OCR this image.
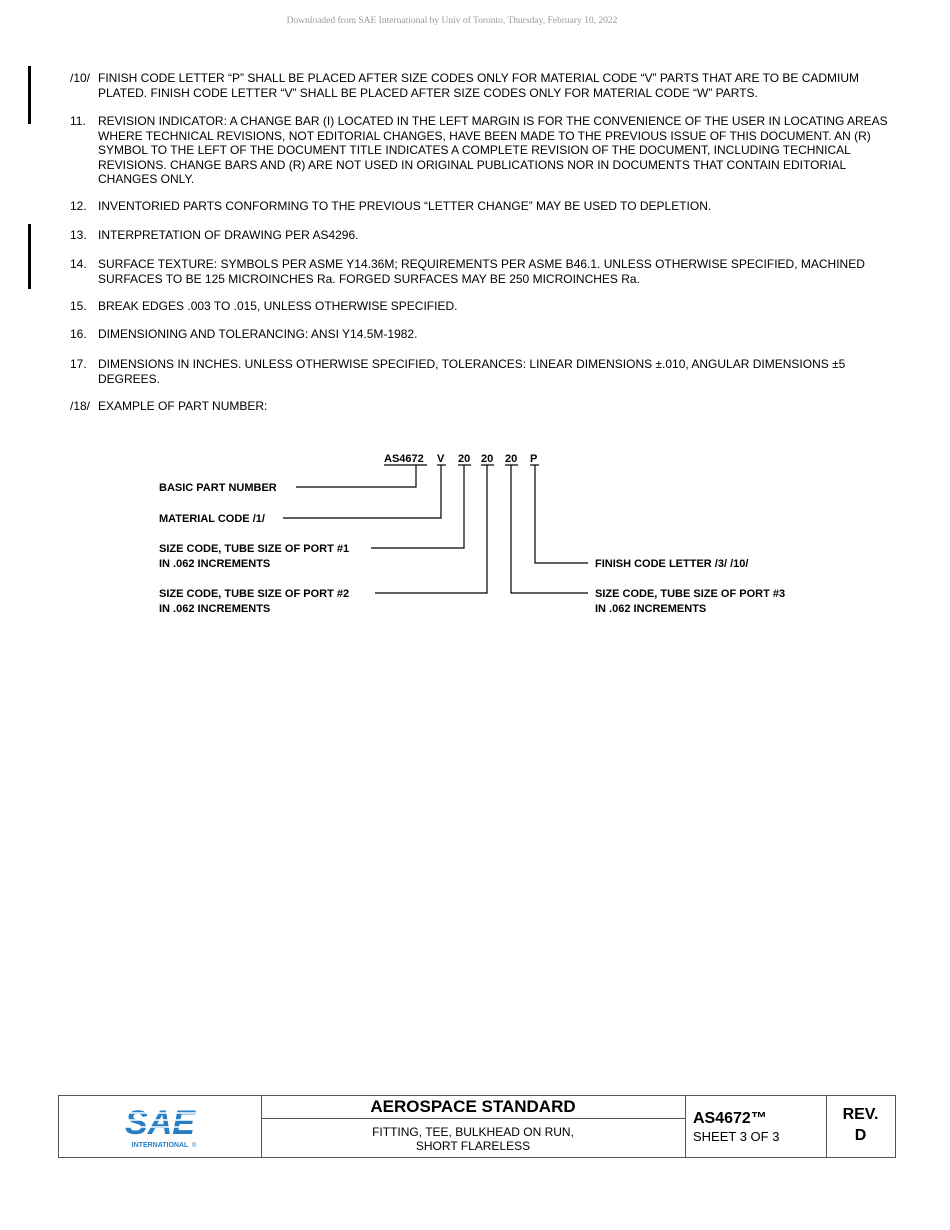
Downloaded from SAE International by Univ of Toronto, Thursday, February 10, 2022
/10/ FINISH CODE LETTER “P” SHALL BE PLACED AFTER SIZE CODES ONLY FOR MATERIAL CODE “V” PARTS THAT ARE TO BE CADMIUM PLATED. FINISH CODE LETTER “V” SHALL BE PLACED AFTER SIZE CODES ONLY FOR MATERIAL CODE “W” PARTS.
11. REVISION INDICATOR: A CHANGE BAR (I) LOCATED IN THE LEFT MARGIN IS FOR THE CONVENIENCE OF THE USER IN LOCATING AREAS WHERE TECHNICAL REVISIONS, NOT EDITORIAL CHANGES, HAVE BEEN MADE TO THE PREVIOUS ISSUE OF THIS DOCUMENT. AN (R) SYMBOL TO THE LEFT OF THE DOCUMENT TITLE INDICATES A COMPLETE REVISION OF THE DOCUMENT, INCLUDING TECHNICAL REVISIONS. CHANGE BARS AND (R) ARE NOT USED IN ORIGINAL PUBLICATIONS NOR IN DOCUMENTS THAT CONTAIN EDITORIAL CHANGES ONLY.
12. INVENTORIED PARTS CONFORMING TO THE PREVIOUS “LETTER CHANGE” MAY BE USED TO DEPLETION.
13. INTERPRETATION OF DRAWING PER AS4296.
14. SURFACE TEXTURE: SYMBOLS PER ASME Y14.36M; REQUIREMENTS PER ASME B46.1. UNLESS OTHERWISE SPECIFIED, MACHINED SURFACES TO BE 125 MICROINCHES Ra. FORGED SURFACES MAY BE 250 MICROINCHES Ra.
15. BREAK EDGES .003 TO .015, UNLESS OTHERWISE SPECIFIED.
16. DIMENSIONING AND TOLERANCING: ANSI Y14.5M-1982.
17. DIMENSIONS IN INCHES. UNLESS OTHERWISE SPECIFIED, TOLERANCES: LINEAR DIMENSIONS ±.010, ANGULAR DIMENSIONS ±5 DEGREES.
/18/ EXAMPLE OF PART NUMBER:
AS4672 V 20 20 20 P
BASIC PART NUMBER
MATERIAL CODE /1/
SIZE CODE, TUBE SIZE OF PORT #1
IN .062 INCREMENTS
SIZE CODE, TUBE SIZE OF PORT #2
IN .062 INCREMENTS
FINISH CODE LETTER /3/ /10/
SIZE CODE, TUBE SIZE OF PORT #3
IN .062 INCREMENTS
SAE
INTERNATIONAL ®
AEROSPACE STANDARD
FITTING, TEE, BULKHEAD ON RUN,
SHORT FLARELESS
AS4672™
SHEET 3 OF 3
REV.
D
